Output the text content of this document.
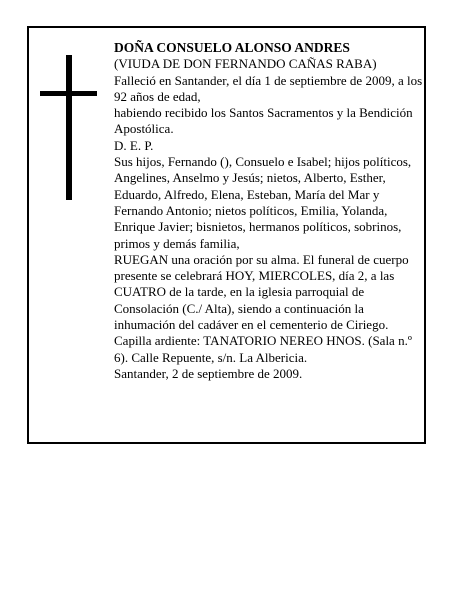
DOÑA CONSUELO ALONSO ANDRES

(VIUDA DE DON FERNANDO CAÑAS RABA)

Falleció en Santander, el día 1 de septiembre de 2009, a los 92 años de edad,

habiendo recibido los Santos Sacramentos y la Bendición Apostólica.

D. E. P.

Sus hijos, Fernando (), Consuelo e Isabel; hijos políticos, Angelines, Anselmo y Jesús; nietos, Alberto, Esther, Eduardo, Alfredo, Elena, Esteban, María del Mar y Fernando Antonio; nietos políticos, Emilia, Yolanda, Enrique Javier; bisnietos, hermanos políticos, sobrinos, primos y demás familia,

RUEGAN una oración por su alma. El funeral de cuerpo presente se celebrará HOY, MIERCOLES, día 2, a las CUATRO de la tarde, en la iglesia parroquial de Consolación (C./ Alta), siendo a continuación la inhumación del cadáver en el cementerio de Ciriego.

Capilla ardiente: TANATORIO NEREO HNOS. (Sala n.º 6). Calle Repuente, s/n. La Albericia.

Santander, 2 de septiembre de 2009.
